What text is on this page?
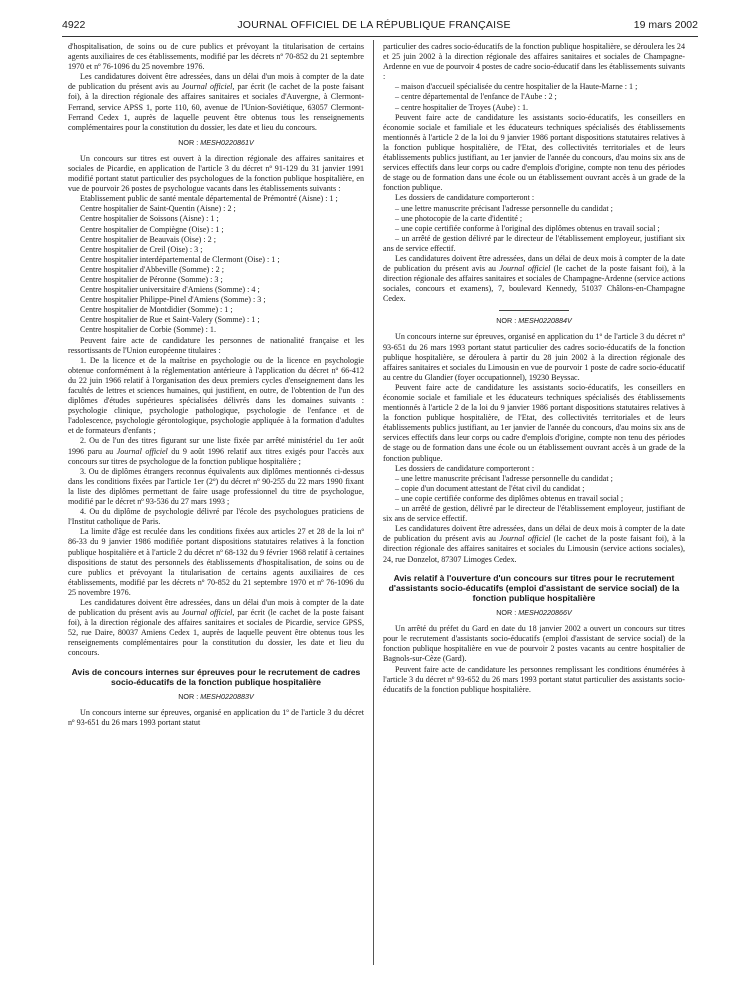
4922	JOURNAL OFFICIEL DE LA RÉPUBLIQUE FRANÇAISE	19 mars 2002

d'hospitalisation, de soins ou de cure publics et prévoyant la titularisation de certains agents auxiliaires de ces établissements, modifié par les décrets nº 70-852 du 21 septembre 1970 et nº 76-1096 du 25 novembre 1976.

Les candidatures doivent être adressées, dans un délai d'un mois à compter de la date de publication du présent avis au Journal officiel, par écrit (le cachet de la poste faisant foi), à la direction régionale des affaires sanitaires et sociales d'Auvergne, à Clermont-Ferrand, service APSS 1, porte 110, 60, avenue de l'Union-Soviétique, 63057 Clermont-Ferrand Cedex 1, auprès de laquelle peuvent être obtenus tous les renseignements complémentaires pour la constitution du dossier, les date et lieu du concours.

NOR : MESH0220861V

Un concours sur titres est ouvert à la direction régionale des affaires sanitaires et sociales de Picardie, en application de l'article 3 du décret nº 91-129 du 31 janvier 1991 modifié portant statut particulier des psychologues de la fonction publique hospitalière, en vue de pourvoir 26 postes de psychologue vacants dans les établissements suivants :

Etablissement public de santé mentale départemental de Prémontré (Aisne) : 1 ;

Centre hospitalier de Saint-Quentin (Aisne) : 2 ;

Centre hospitalier de Soissons (Aisne) : 1 ;

Centre hospitalier de Compiègne (Oise) : 1 ;

Centre hospitalier de Beauvais (Oise) : 2 ;

Centre hospitalier de Creil (Oise) : 3 ;

Centre hospitalier interdépartemental de Clermont (Oise) : 1 ;

Centre hospitalier d'Abbeville (Somme) : 2 ;

Centre hospitalier de Péronne (Somme) : 3 ;

Centre hospitalier universitaire d'Amiens (Somme) : 4 ;

Centre hospitalier Philippe-Pinel d'Amiens (Somme) : 3 ;

Centre hospitalier de Montdidier (Somme) : 1 ;

Centre hospitalier de Rue et Saint-Valery (Somme) : 1 ;

Centre hospitalier de Corbie (Somme) : 1.

Peuvent faire acte de candidature les personnes de nationalité française et les ressortissants de l'Union européenne titulaires :

1. De la licence et de la maîtrise en psychologie ou de la licence en psychologie obtenue conformément à la réglementation antérieure à l'application du décret nº 66-412 du 22 juin 1966 relatif à l'organisation des deux premiers cycles d'enseignement dans les facultés de lettres et sciences humaines, qui justifient, en outre, de l'obtention de l'un des diplômes d'études supérieures spécialisées délivrés dans les domaines suivants : psychologie clinique, psychologie pathologique, psychologie de l'enfance et de l'adolescence, psychologie gérontologique, psychologie appliquée à la formation d'adultes et de formateurs d'enfants ;

2. Ou de l'un des titres figurant sur une liste fixée par arrêté ministériel du 1er août 1996 paru au Journal officiel du 9 août 1996 relatif aux titres exigés pour l'accès aux concours sur titres de psychologue de la fonction publique hospitalière ;

3. Ou de diplômes étrangers reconnus équivalents aux diplômes mentionnés ci-dessus dans les conditions fixées par l'article 1er (2º) du décret nº 90-255 du 22 mars 1990 fixant la liste des diplômes permettant de faire usage professionnel du titre de psychologue, modifié par le décret nº 93-536 du 27 mars 1993 ;

4. Ou du diplôme de psychologie délivré par l'école des psychologues praticiens de l'Institut catholique de Paris.

La limite d'âge est reculée dans les conditions fixées aux articles 27 et 28 de la loi nº 86-33 du 9 janvier 1986 modifiée portant dispositions statutaires relatives à la fonction publique hospitalière et à l'article 2 du décret nº 68-132 du 9 février 1968 relatif à certaines dispositions de statut des personnels des établissements d'hospitalisation, de soins ou de cure publics et prévoyant la titularisation de certains agents auxiliaires de ces établissements, modifié par les décrets nº 70-852 du 21 septembre 1970 et nº 76-1096 du 25 novembre 1976.

Les candidatures doivent être adressées, dans un délai d'un mois à compter de la date de publication du présent avis au Journal officiel, par écrit (le cachet de la poste faisant foi), à la direction régionale des affaires sanitaires et sociales de Picardie, service GPSS, 52, rue Daire, 80037 Amiens Cedex 1, auprès de laquelle peuvent être obtenus tous les renseignements complémentaires pour la constitution du dossier, les date et lieu du concours.

Avis de concours internes sur épreuves pour le recrutement de cadres socio-éducatifs de la fonction publique hospitalière
NOR : MESH0220883V

Un concours interne sur épreuves, organisé en application du 1º de l'article 3 du décret nº 93-651 du 26 mars 1993 portant statut

particulier des cadres socio-éducatifs de la fonction publique hospitalière, se déroulera les 24 et 25 juin 2002 à la direction régionale des affaires sanitaires et sociales de Champagne-Ardenne en vue de pourvoir 4 postes de cadre socio-éducatif dans les établissements suivants :

– maison d'accueil spécialisée du centre hospitalier de la Haute-Marne : 1 ;

– centre départemental de l'enfance de l'Aube : 2 ;

– centre hospitalier de Troyes (Aube) : 1.

Peuvent faire acte de candidature les assistants socio-éducatifs, les conseillers en économie sociale et familiale et les éducateurs techniques spécialisés des établissements mentionnés à l'article 2 de la loi du 9 janvier 1986 portant dispositions statutaires relatives à la fonction publique hospitalière, de l'Etat, des collectivités territoriales et de leurs établissements publics justifiant, au 1er janvier de l'année du concours, d'au moins six ans de services effectifs dans leur corps ou cadre d'emplois d'origine, compte non tenu des périodes de stage ou de formation dans une école ou un établissement ouvrant accès à un grade de la fonction publique.

Les dossiers de candidature comporteront :

– une lettre manuscrite précisant l'adresse personnelle du candidat ;

– une photocopie de la carte d'identité ;

– une copie certifiée conforme à l'original des diplômes obtenus en travail social ;

– un arrêté de gestion délivré par le directeur de l'établissement employeur, justifiant six ans de service effectif.

Les candidatures doivent être adressées, dans un délai de deux mois à compter de la date de publication du présent avis au Journal officiel (le cachet de la poste faisant foi), à la direction régionale des affaires sanitaires et sociales de Champagne-Ardenne (service actions sociales, concours et examens), 7, boulevard Kennedy, 51037 Châlons-en-Champagne Cedex.

NOR : MESH0220884V

Un concours interne sur épreuves, organisé en application du 1º de l'article 3 du décret nº 93-651 du 26 mars 1993 portant statut particulier des cadres socio-éducatifs de la fonction publique hospitalière, se déroulera à partir du 28 juin 2002 à la direction régionale des affaires sanitaires et sociales du Limousin en vue de pourvoir 1 poste de cadre socio-éducatif au centre du Glandier (foyer occupationnel), 19230 Beyssac.

Peuvent faire acte de candidature les assistants socio-éducatifs, les conseillers en économie sociale et familiale et les éducateurs techniques spécialisés des établissements mentionnés à l'article 2 de la loi du 9 janvier 1986 portant dispositions statutaires relatives à la fonction publique hospitalière, de l'Etat, des collectivités territoriales et de leurs établissements publics justifiant, au 1er janvier de l'année du concours, d'au moins six ans de services effectifs dans leur corps ou cadre d'emplois d'origine, compte non tenu des périodes de stage ou de formation dans une école ou un établissement ouvrant accès à un grade de la fonction publique.

Les dossiers de candidature comporteront :

– une lettre manuscrite précisant l'adresse personnelle du candidat ;

– copie d'un document attestant de l'état civil du candidat ;

– une copie certifiée conforme des diplômes obtenus en travail social ;

– un arrêté de gestion, délivré par le directeur de l'établissement employeur, justifiant de six ans de service effectif.

Les candidatures doivent être adressées, dans un délai de deux mois à compter de la date de publication du présent avis au Journal officiel (le cachet de la poste faisant foi), à la direction régionale des affaires sanitaires et sociales du Limousin (service actions sociales), 24, rue Donzelot, 87307 Limoges Cedex.

Avis relatif à l'ouverture d'un concours sur titres pour le recrutement d'assistants socio-éducatifs (emploi d'assistant de service social) de la fonction publique hospitalière
NOR : MESH0220866V

Un arrêté du préfet du Gard en date du 18 janvier 2002 a ouvert un concours sur titres pour le recrutement d'assistants socio-éducatifs (emploi d'assistant de service social) de la fonction publique hospitalière en vue de pourvoir 2 postes vacants au centre hospitalier de Bagnols-sur-Cèze (Gard).

Peuvent faire acte de candidature les personnes remplissant les conditions énumérées à l'article 3 du décret nº 93-652 du 26 mars 1993 portant statut particulier des assistants socio-éducatifs de la fonction publique hospitalière.
